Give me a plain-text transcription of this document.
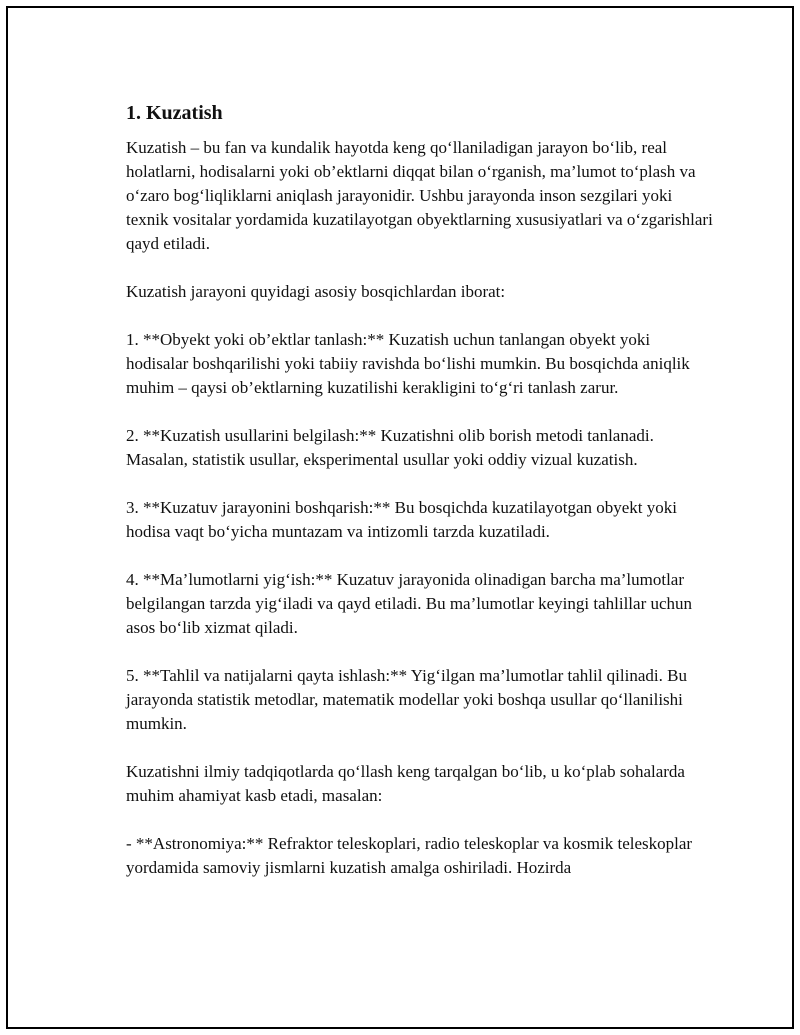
1. Kuzatish

Kuzatish – bu fan va kundalik hayotda keng qo‘llaniladigan jarayon bo‘lib, real holatlarni, hodisalarni yoki ob’ektlarni diqqat bilan o‘rganish, ma’lumot to‘plash va o‘zaro bog‘liqliklarni aniqlash jarayonidir. Ushbu jarayonda inson sezgilari yoki texnik vositalar yordamida kuzatilayotgan obyektlarning xususiyatlari va o‘zgarishlari qayd etiladi.

Kuzatish jarayoni quyidagi asosiy bosqichlardan iborat:

1. **Obyekt yoki ob’ektlar tanlash:** Kuzatish uchun tanlangan obyekt yoki hodisalar boshqarilishi yoki tabiiy ravishda bo‘lishi mumkin. Bu bosqichda aniqlik muhim – qaysi ob’ektlarning kuzatilishi kerakligini to‘g‘ri tanlash zarur.

2. **Kuzatish usullarini belgilash:** Kuzatishni olib borish metodi tanlanadi. Masalan, statistik usullar, eksperimental usullar yoki oddiy vizual kuzatish.

3. **Kuzatuv jarayonini boshqarish:** Bu bosqichda kuzatilayotgan obyekt yoki hodisa vaqt bo‘yicha muntazam va intizomli tarzda kuzatiladi.

4. **Ma’lumotlarni yig‘ish:** Kuzatuv jarayonida olinadigan barcha ma’lumotlar belgilangan tarzda yig‘iladi va qayd etiladi. Bu ma’lumotlar keyingi tahlillar uchun asos bo‘lib xizmat qiladi.

5. **Tahlil va natijalarni qayta ishlash:** Yig‘ilgan ma’lumotlar tahlil qilinadi. Bu jarayonda statistik metodlar, matematik modellar yoki boshqa usullar qo‘llanilishi mumkin.

Kuzatishni ilmiy tadqiqotlarda qo‘llash keng tarqalgan bo‘lib, u ko‘plab sohalarda muhim ahamiyat kasb etadi, masalan:

- **Astronomiya:** Refraktor teleskoplari, radio teleskoplar va kosmik teleskoplar yordamida samoviy jismlarni kuzatish amalga oshiriladi. Hozirda
